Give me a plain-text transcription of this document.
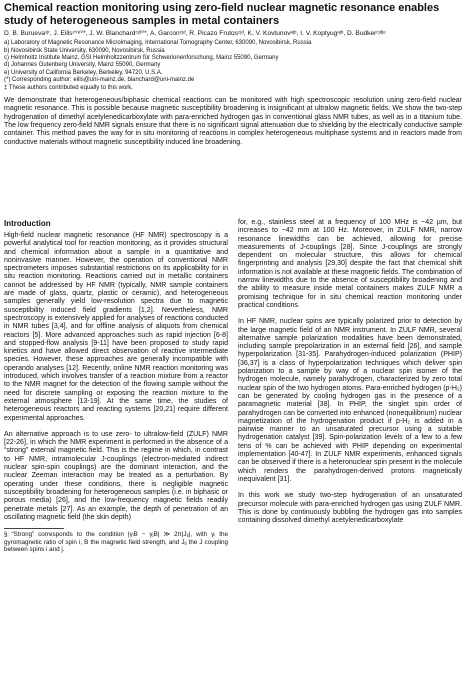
Chemical reaction monitoring using zero-field nuclear magnetic resonance enables study of heterogeneous samples in metal containers
D. B. Burueva¹ʲʳ, J. Eillsᶜⱽᵉⱽ*, J. W. Blanchardᶜʲᵈⱽ*, A. Garconᶜʲᵈ, R. Picazo Frutosᶜʲᵈ, K. V. Kovtunovᵃʲᵇ, I. V. Koptyugᵃʲᵇ, D. Budkerᶜʲᵈʲᵉ
a) Laboratory of Magnetic Resonance Microimaging, International Tomography Center, 630090, Novosibirsk, Russia
b) Novosibirsk State University, 630090, Novosibirsk, Russia
c) Helmholtz Institute Mainz, GSI Helmholtzzentrum für Schwerionenforschung, Mainz 55090, Germany
d) Johannes Gutenberg University, Mainz 55090, Germany
e) University of California Berkeley, Berkeley, 94720, U.S.A.
(*) Corresponding author: eills@uni-mainz.de, blanchard@uni-mainz.de
‡ These authors contributed equally to this work.
We demonstrate that heterogeneous/biphasic chemical reactions can be monitored with high spectroscopic resolution using zero-field nuclear magnetic resonance. This is possible because magnetic susceptibility broadening is insignificant at ultralow magnetic fields. We show the two-step hydrogenation of dimethyl acetylenedicarboxylate with para-enriched hydrogen gas in conventional glass NMR tubes, as well as in a titanium tube. The low frequency zero-field NMR signals ensure that there is no significant signal attenuation due to shielding by the electrically conductive sample container. This method paves the way for in situ monitoring of reactions in complex heterogeneous multiphase systems and in reactors made from conductive materials without magnetic susceptibility induced line broadening.
Introduction

High-field nuclear magnetic resonance (HF NMR) spectroscopy is a powerful analytical tool for reaction monitoring, as it provides structural and chemical information about a sample in a quantitative and noninvasive manner. However, the operation of conventional NMR spectrometers imposes substantial restrictions on its applicability for in situ reaction monitoring. Reactions carried out in metallic containers cannot be addressed by HF NMR (typically, NMR sample containers are made of glass, quartz, plastic or ceramic), and heterogeneous samples generally yield low-resolution spectra due to magnetic susceptibility induced field gradients [1,2]. Nevertheless, NMR spectroscopy is extensively applied for analyses of reactions conducted in NMR tubes [3,4], and for offline analysis of aliquots from chemical reactors [5]. More advanced approaches such as rapid injection [6-8] and stopped-flow analysis [9-11] have been proposed to study rapid kinetics and have allowed direct observation of reactive intermediate species. However, these approaches are generally incompatible with operando analyses [12]. Recently, online NMR reaction monitoring was introduced, which involves transfer of a reaction mixture from a reactor to the NMR magnet for the detection of the flowing sample without the need for discrete sampling or exposing the reaction mixture to the external atmosphere [13-19]. At the same time, the studies of heterogeneous reactors and reacting systems [20,21] require different experimental approaches.

An alternative approach is to use zero- to ultralow-field (ZULF) NMR [22-26], in which the NMR experiment is performed in the absence of a “strong” external magnetic field. This is the regime in which, in contrast to HF NMR, intramolecular J-couplings (electron-mediated indirect nuclear spin-spin couplings) are the dominant interaction, and the nuclear Zeeman interaction may be treated as a perturbation. By operating under these conditions, there is negligible magnetic susceptibility broadening for heterogeneous samples (i.e. in biphasic or porous media) [26], and the low-frequency magnetic fields readily penetrate metals [27]. As an example, the depth of penetration of an oscillating magnetic field (the skin depth)

§ “Strong” corresponds to the condition |γᵢB − γⱼB| ≫ 2π|Jᵢⱼ|, with γᵢ the gyromagnetic ratio of spin i, B the magnetic field strength, and Jᵢⱼ the J coupling between spins i and j.

for, e.g., stainless steel at a frequency of 100 MHz is ~42 µm, but increases to ~42 mm at 100 Hz. Moreover, in ZULF NMR, narrow resonance linewidths can be achieved, allowing for precise measurements of J-couplings [28]. Since J-couplings are strongly dependent on molecular structure, this allows for chemical fingerprinting and analysis [29,30] despite the fact that chemical shift information is not available at these magnetic fields. The combination of narrow linewidths due to the absence of susceptibility broadening and the ability to measure inside metal containers makes ZULF NMR a promising technique for in situ chemical reaction monitoring under practical conditions.

In HF NMR, nuclear spins are typically polarized prior to detection by the large magnetic field of an NMR instrument. In ZULF NMR, several alternative sample polarization modalities have been demonstrated, including sample prepolarization in an external field [26], and sample hyperpolarization [31-35]. Parahydrogen-induced polarization (PHIP) [36,37] is a class of hyperpolarization techniques which deliver spin polarization to a sample by way of a nuclear spin isomer of the hydrogen molecule, namely parahydrogen, characterized by zero total nuclear spin of the two hydrogen atoms. Para-enriched hydrogen (p-H₂) can be generated by cooling hydrogen gas in the presence of a paramagnetic material [38]. In PHIP, the singlet spin order of parahydrogen can be converted into enhanced (nonequilibrium) nuclear magnetization of the hydrogenation product if p-H₂ is added in a pairwise manner to an unsaturated precursor using a suitable hydrogenation catalyst [39]. Spin-polarization levels of a few to a few tens of % can be achieved with PHIP depending on experimental implementation [40-47]. In ZULF NMR experiments, enhanced signals can be observed if there is a heteronuclear spin present in the molecule which renders the parahydrogen-derived protons magnetically inequivalent [31].

In this work we study two-step hydrogenation of an unsaturated precursor molecule with para-enriched hydrogen gas using ZULF NMR. This is done by continuously bubbling the hydrogen gas into samples containing dissolved dimethyl acetylenedicarboxylate
